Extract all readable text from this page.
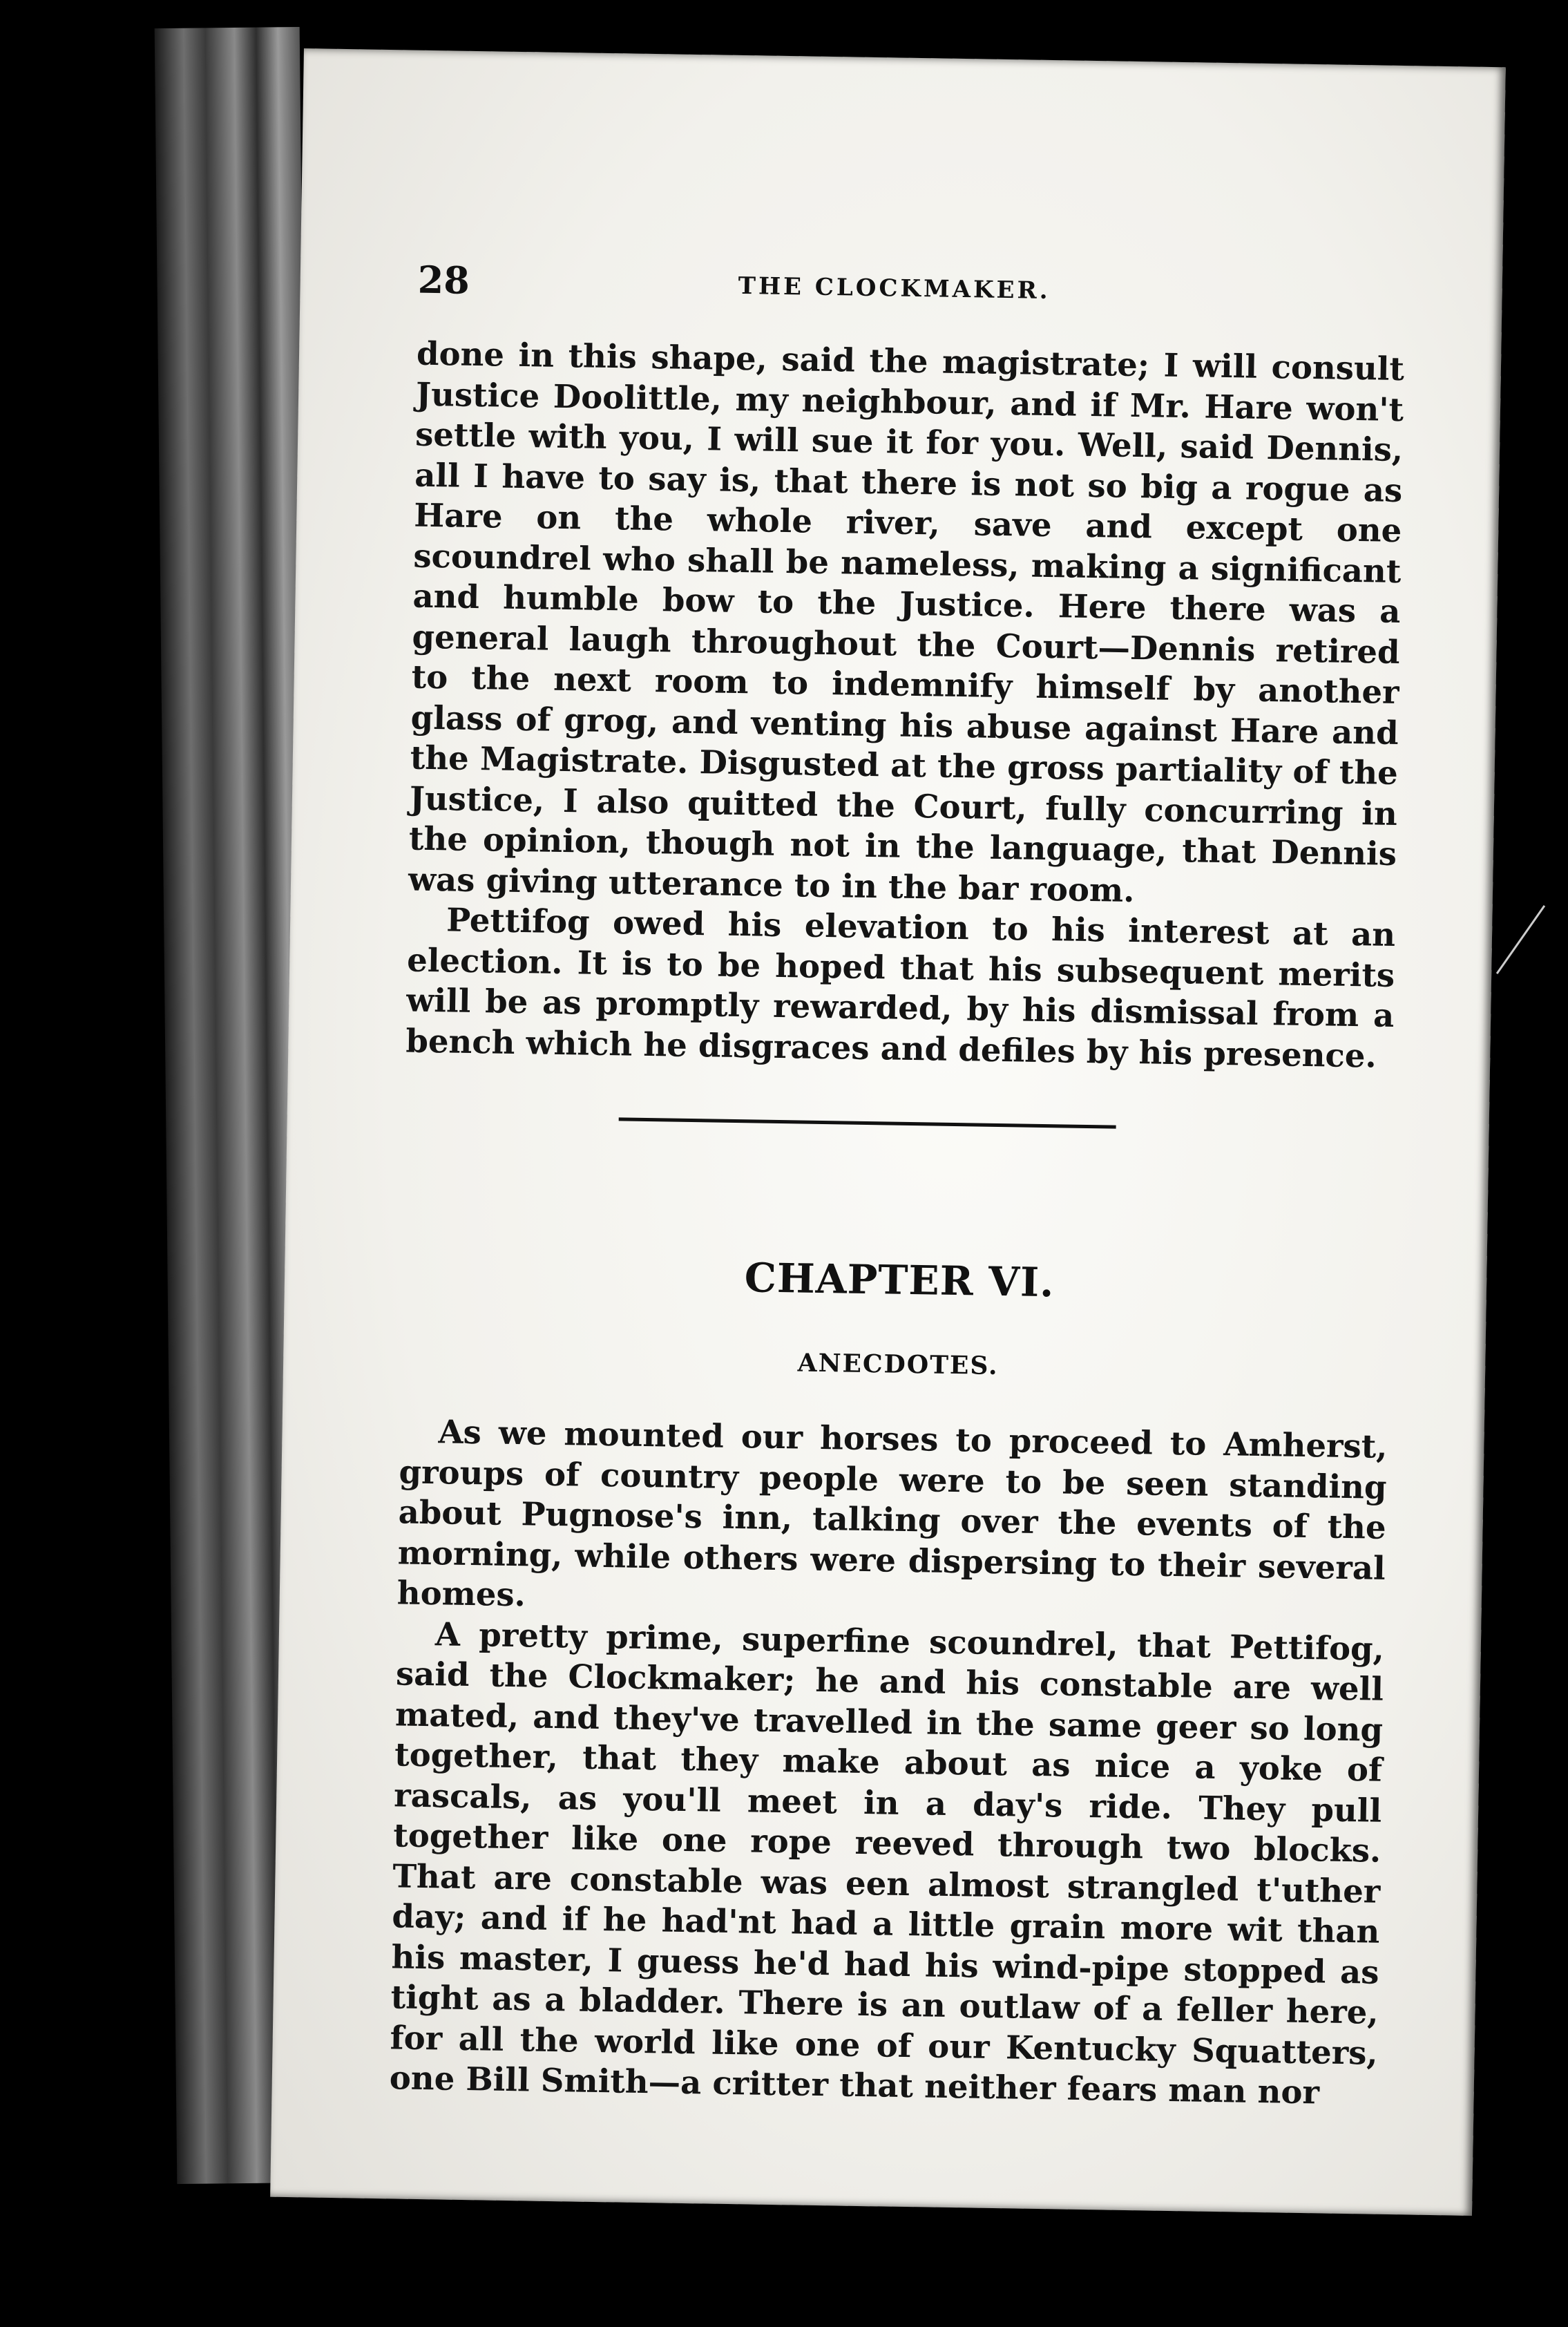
28	THE CLOCKMAKER.

done in this shape, said the magistrate; I will consult Justice Doolittle, my neighbour, and if Mr. Hare won't settle with you, I will sue it for you. Well, said Dennis, all I have to say is, that there is not so big a rogue as Hare on the whole river, save and except one scoundrel who shall be nameless, making a significant and humble bow to the Justice. Here there was a general laugh throughout the Court—Dennis retired to the next room to indemnify himself by another glass of grog, and venting his abuse against Hare and the Magistrate. Disgusted at the gross partiality of the Justice, I also quitted the Court, fully concurring in the opinion, though not in the language, that Dennis was giving utterance to in the bar room.

Pettifog owed his elevation to his interest at an election. It is to be hoped that his subsequent merits will be as promptly rewarded, by his dismissal from a bench which he disgraces and defiles by his presence.

CHAPTER VI.
ANECDOTES.

As we mounted our horses to proceed to Amherst, groups of country people were to be seen standing about Pugnose's inn, talking over the events of the morning, while others were dispersing to their several homes.

A pretty prime, superfine scoundrel, that Pettifog, said the Clockmaker; he and his constable are well mated, and they've travelled in the same geer so long together, that they make about as nice a yoke of rascals, as you'll meet in a day's ride. They pull together like one rope reeved through two blocks. That are constable was een almost strangled t'uther day; and if he had'nt had a little grain more wit than his master, I guess he'd had his wind-pipe stopped as tight as a bladder. There is an outlaw of a feller here, for all the world like one of our Kentucky Squatters, one Bill Smith—a critter that neither fears man nor
